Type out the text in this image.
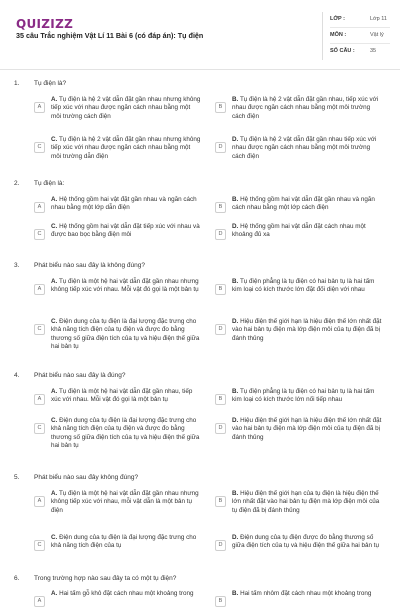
QUIZIZZ
35 câu Trắc nghiệm Vật Lí 11 Bài 6 (có đáp án): Tụ điện
LỚP :	Lớp 11
MÔN :	Vật lý
SỐ CÂU :	35
1. Tụ điện là?
A
A. Tụ điện là hệ 2 vật dẫn đặt gần nhau nhưng không tiếp xúc với nhau được ngăn cách nhau bằng một môi trường cách điện
B
B. Tụ điện là hệ 2 vật dẫn đặt gần nhau, tiếp xúc với nhau được ngăn cách nhau bằng một môi trường cách điện
C
C. Tụ điện là hệ 2 vật dẫn đặt gần nhau nhưng không tiếp xúc với nhau được ngăn cách nhau bằng một môi trường dẫn điện
D
D. Tụ điện là hệ 2 vật dẫn đặt gần nhau tiếp xúc với nhau được ngăn cách nhau bằng một môi trường cách điện
2. Tụ điện là:
A
A. Hệ thống gồm hai vật đặt gần nhau và ngăn cách nhau bằng một lớp dẫn điện	B
B. Hệ thống gồm hai vật dẫn đặt gần nhau và ngăn cách nhau bằng một lớp cách điện
C
C. Hệ thống gồm hai vật dẫn đặt tiếp xúc với nhau và được bao bọc bằng điện môi	D
D. Hệ thống gồm hai vật dẫn đặt cách nhau một khoảng đủ xa
3. Phát biểu nào sau đây là không đúng?
A
A. Tụ điện là một hệ hai vật dẫn đặt gần nhau nhưng không tiếp xúc với nhau. Mỗi vật đó gọi là một bản tụ	B
B. Tụ điện phẳng là tụ điện có hai bản tụ là hai tấm kim loại có kích thước lớn đặt đối diện với nhau
C
C. Điện dung của tụ điện là đại lượng đặc trưng cho khả năng tích điện của tụ điện và được đo bằng thương số giữa điện tích của tụ và hiệu điện thế giữa hai bản tụ
D
D. Hiệu điện thế giới hạn là hiệu điện thế lớn nhất đặt vào hai bản tụ điện mà lớp điện môi của tụ điện đã bị đánh thủng
4. Phát biểu nào sau đây là đúng?
A
A. Tụ điện là một hệ hai vật dẫn đặt gần nhau, tiếp xúc với nhau. Mỗi vật đó gọi là một bản tụ	B
B. Tụ điện phẳng là tụ điện có hai bản tụ là hai tấm kim loại có kích thước lớn nối tiếp nhau
C
C. Điện dung của tụ điện là đại lượng đặc trưng cho khả năng tích điện của tụ điện và được đo bằng thương số giữa điện tích của tụ và hiệu điện thế giữa hai bản tụ
D
D. Hiệu điện thế giới hạn là hiệu điện thế lớn nhất đặt vào hai bản tụ điện mà lớp điện môi của tụ điện đã bị đánh thủng
5. Phát biểu nào sau đây không đúng?
A
A. Tụ điện là một hệ hai vật dẫn đặt gần nhau nhưng không tiếp xúc với nhau, mỗi vật dẫn là một bản tụ điện
B
B. Hiệu điện thế giới hạn của tụ điện là hiệu điện thế lớn nhất đặt vào hai bản tụ điện mà lớp điện môi của tụ điện đã bị đánh thủng
C
C. Điện dung của tụ điện là đại lượng đặc trưng cho khả năng tích điện của tụ	D
D. Điện dung của tụ điện được đo bằng thương số giữa điện tích của tụ và hiệu điện thế giữa hai bản tụ
6. Trong trường hợp nào sau đây ta có một tụ điện?
A
A. Hai tấm gỗ khô đặt cách nhau một khoảng trong
B
B. Hai tấm nhôm đặt cách nhau một khoảng trong
